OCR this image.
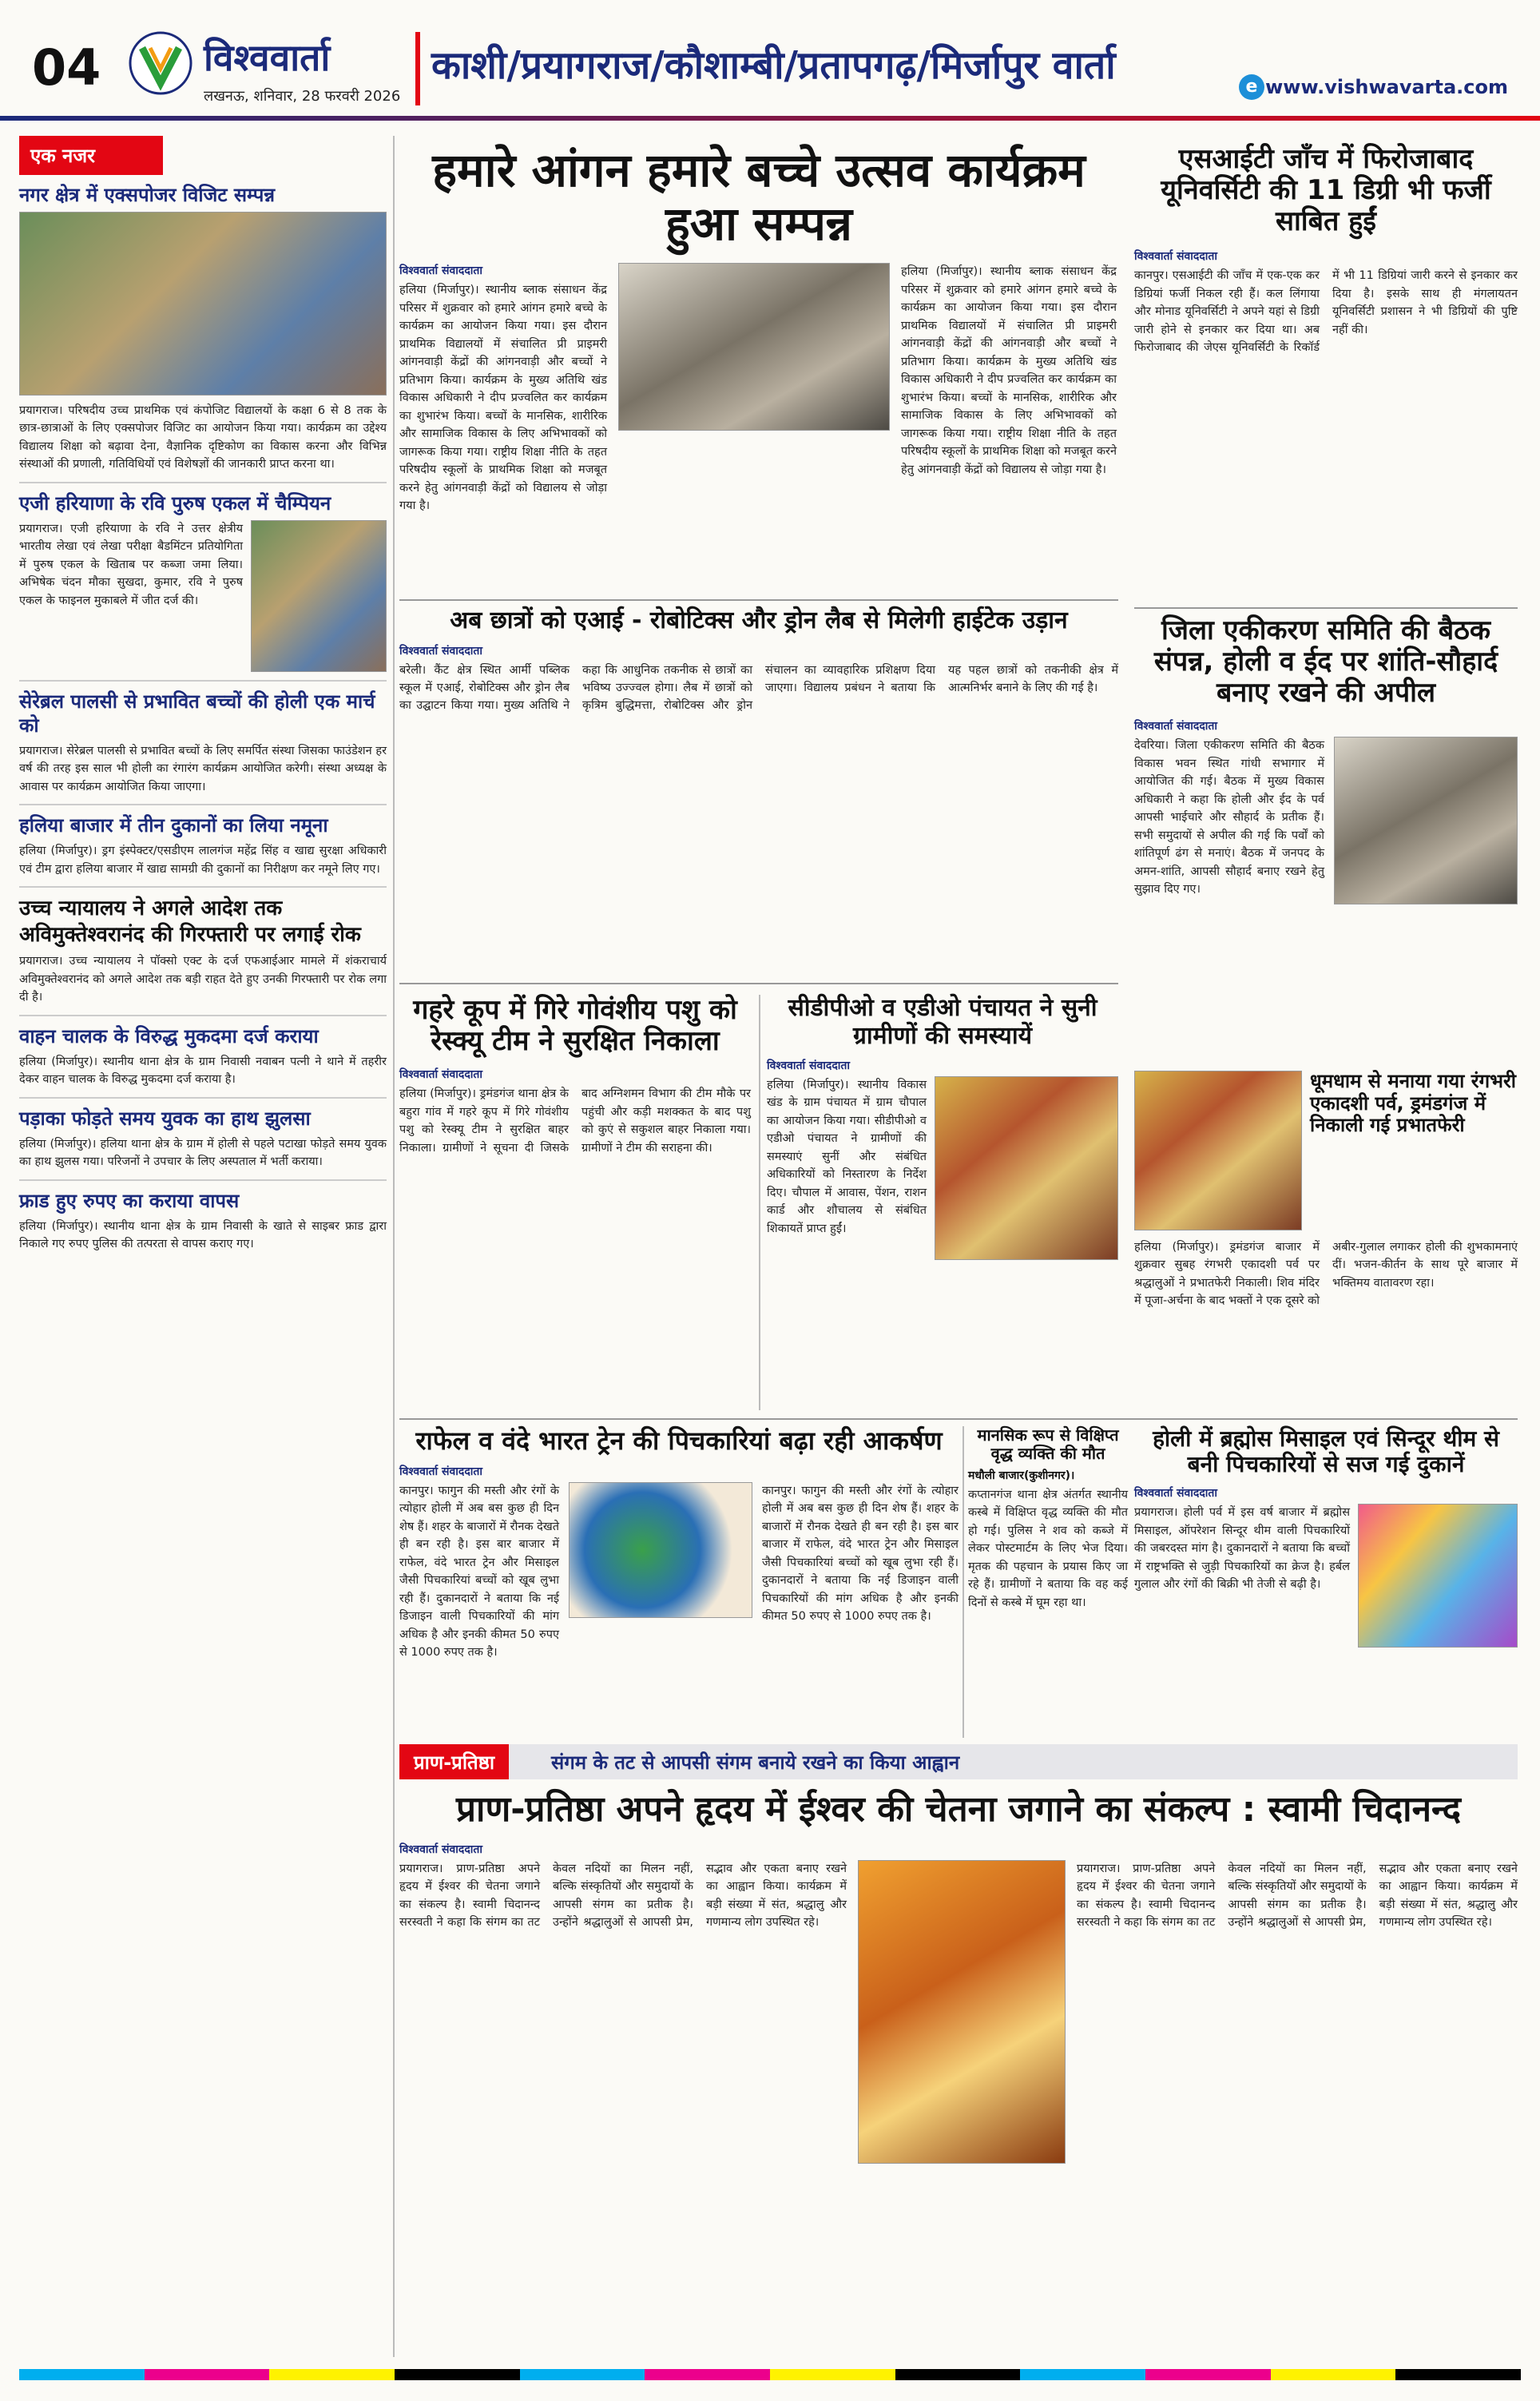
04	विश्ववार्ता
लखनऊ, शनिवार, 28 फरवरी 2026
काशी/प्रयागराज/कौशाम्बी/प्रतापगढ़/मिर्जापुर वार्ता	e www.vishwavarta.com
एक नजर
नगर क्षेत्र में एक्सपोजर विजिट सम्पन्न

प्रयागराज। परिषदीय उच्च प्राथमिक एवं कंपोजिट विद्यालयों के कक्षा 6 से 8 तक के छात्र-छात्राओं के लिए एक्सपोजर विजिट का आयोजन किया गया। कार्यक्रम का उद्देश्य विद्यालय शिक्षा को बढ़ावा देना, वैज्ञानिक दृष्टिकोण का विकास करना और विभिन्न संस्थाओं की प्रणाली, गतिविधियों एवं विशेषज्ञों की जानकारी प्राप्त करना था।

एजी हरियाणा के रवि पुरुष एकल में चैम्पियन

प्रयागराज। एजी हरियाणा के रवि ने उत्तर क्षेत्रीय भारतीय लेखा एवं लेखा परीक्षा बैडमिंटन प्रतियोगिता में पुरुष एकल के खिताब पर कब्जा जमा लिया। अभिषेक चंदन मौका सुखदा, कुमार, रवि ने पुरुष एकल के फाइनल मुकाबले में जीत दर्ज की।

सेरेब्रल पालसी से प्रभावित बच्चों की होली एक मार्च को

प्रयागराज। सेरेब्रल पालसी से प्रभावित बच्चों के लिए समर्पित संस्था जिसका फाउंडेशन हर वर्ष की तरह इस साल भी होली का रंगारंग कार्यक्रम आयोजित करेगी। संस्था अध्यक्ष के आवास पर कार्यक्रम आयोजित किया जाएगा।

हलिया बाजार में तीन दुकानों का लिया नमूना

हलिया (मिर्जापुर)। ड्रग इंस्पेक्टर/एसडीएम लालगंज महेंद्र सिंह व खाद्य सुरक्षा अधिकारी एवं टीम द्वारा हलिया बाजार में खाद्य सामग्री की दुकानों का निरीक्षण कर नमूने लिए गए।

उच्च न्यायालय ने अगले आदेश तक अविमुक्तेश्वरानंद की गिरफ्तारी पर लगाई रोक

प्रयागराज। उच्च न्यायालय ने पॉक्सो एक्ट के दर्ज एफआईआर मामले में शंकराचार्य अविमुक्तेश्वरानंद को अगले आदेश तक बड़ी राहत देते हुए उनकी गिरफ्तारी पर रोक लगा दी है।

वाहन चालक के विरुद्ध मुकदमा दर्ज कराया

हलिया (मिर्जापुर)। स्थानीय थाना क्षेत्र के ग्राम निवासी नवाबन पत्नी ने थाने में तहरीर देकर वाहन चालक के विरुद्ध मुकदमा दर्ज कराया है।

पड़ाका फोड़ते समय युवक का हाथ झुलसा

हलिया (मिर्जापुर)। हलिया थाना क्षेत्र के ग्राम में होली से पहले पटाखा फोड़ते समय युवक का हाथ झुलस गया। परिजनों ने उपचार के लिए अस्पताल में भर्ती कराया।

फ्राड हुए रुपए का कराया वापस

हलिया (मिर्जापुर)। स्थानीय थाना क्षेत्र के ग्राम निवासी के खाते से साइबर फ्राड द्वारा निकाले गए रुपए पुलिस की तत्परता से वापस कराए गए।

हमारे आंगन हमारे बच्चे उत्सव कार्यक्रम हुआ सम्पन्न
विश्ववार्ता संवाददाता

हलिया (मिर्जापुर)। स्थानीय ब्लाक संसाधन केंद्र परिसर में शुक्रवार को हमारे आंगन हमारे बच्चे के कार्यक्रम का आयोजन किया गया। इस दौरान प्राथमिक विद्यालयों में संचालित प्री प्राइमरी आंगनवाड़ी केंद्रों की आंगनवाड़ी और बच्चों ने प्रतिभाग किया। कार्यक्रम के मुख्य अतिथि खंड विकास अधिकारी ने दीप प्रज्वलित कर कार्यक्रम का शुभारंभ किया। बच्चों के मानसिक, शारीरिक और सामाजिक विकास के लिए अभिभावकों को जागरूक किया गया। राष्ट्रीय शिक्षा नीति के तहत परिषदीय स्कूलों के प्राथमिक शिक्षा को मजबूत करने हेतु आंगनवाड़ी केंद्रों को विद्यालय से जोड़ा गया है।

हलिया (मिर्जापुर)। स्थानीय ब्लाक संसाधन केंद्र परिसर में शुक्रवार को हमारे आंगन हमारे बच्चे के कार्यक्रम का आयोजन किया गया। इस दौरान प्राथमिक विद्यालयों में संचालित प्री प्राइमरी आंगनवाड़ी केंद्रों की आंगनवाड़ी और बच्चों ने प्रतिभाग किया। कार्यक्रम के मुख्य अतिथि खंड विकास अधिकारी ने दीप प्रज्वलित कर कार्यक्रम का शुभारंभ किया। बच्चों के मानसिक, शारीरिक और सामाजिक विकास के लिए अभिभावकों को जागरूक किया गया। राष्ट्रीय शिक्षा नीति के तहत परिषदीय स्कूलों के प्राथमिक शिक्षा को मजबूत करने हेतु आंगनवाड़ी केंद्रों को विद्यालय से जोड़ा गया है।

एसआईटी जाँच में फिरोजाबाद यूनिवर्सिटी की 11 डिग्री भी फर्जी साबित हुईं
विश्ववार्ता संवाददाता

कानपुर। एसआईटी की जाँच में एक-एक कर डिग्रियां फर्जी निकल रही हैं। कल लिंगाया और मोनाड यूनिवर्सिटी ने अपने यहां से डिग्री जारी होने से इनकार कर दिया था। अब फिरोजाबाद की जेएस यूनिवर्सिटी के रिकॉर्ड में भी 11 डिग्रियां जारी करने से इनकार कर दिया है। इसके साथ ही मंगलायतन यूनिवर्सिटी प्रशासन ने भी डिग्रियों की पुष्टि नहीं की।

अब छात्रों को एआई - रोबोटिक्स और ड्रोन लैब से मिलेगी हाईटेक उड़ान
विश्ववार्ता संवाददाता

बरेली। कैंट क्षेत्र स्थित आर्मी पब्लिक स्कूल में एआई, रोबोटिक्स और ड्रोन लैब का उद्घाटन किया गया। मुख्य अतिथि ने कहा कि आधुनिक तकनीक से छात्रों का भविष्य उज्ज्वल होगा। लैब में छात्रों को कृत्रिम बुद्धिमत्ता, रोबोटिक्स और ड्रोन संचालन का व्यावहारिक प्रशिक्षण दिया जाएगा। विद्यालय प्रबंधन ने बताया कि यह पहल छात्रों को तकनीकी क्षेत्र में आत्मनिर्भर बनाने के लिए की गई है।

जिला एकीकरण समिति की बैठक संपन्न, होली व ईद पर शांति-सौहार्द बनाए रखने की अपील
विश्ववार्ता संवाददाता

देवरिया। जिला एकीकरण समिति की बैठक विकास भवन स्थित गांधी सभागार में आयोजित की गई। बैठक में मुख्य विकास अधिकारी ने कहा कि होली और ईद के पर्व आपसी भाईचारे और सौहार्द के प्रतीक हैं। सभी समुदायों से अपील की गई कि पर्वों को शांतिपूर्ण ढंग से मनाएं। बैठक में जनपद के अमन-शांति, आपसी सौहार्द बनाए रखने हेतु सुझाव दिए गए।

गहरे कूप में गिरे गोवंशीय पशु को रेस्क्यू टीम ने सुरक्षित निकाला
विश्ववार्ता संवाददाता

हलिया (मिर्जापुर)। ड्रमंडगंज थाना क्षेत्र के बहुरा गांव में गहरे कूप में गिरे गोवंशीय पशु को रेस्क्यू टीम ने सुरक्षित बाहर निकाला। ग्रामीणों ने सूचना दी जिसके बाद अग्निशमन विभाग की टीम मौके पर पहुंची और कड़ी मशक्कत के बाद पशु को कुएं से सकुशल बाहर निकाला गया। ग्रामीणों ने टीम की सराहना की।

सीडीपीओ व एडीओ पंचायत ने सुनी ग्रामीणों की समस्यायें
विश्ववार्ता संवाददाता

हलिया (मिर्जापुर)। स्थानीय विकास खंड के ग्राम पंचायत में ग्राम चौपाल का आयोजन किया गया। सीडीपीओ व एडीओ पंचायत ने ग्रामीणों की समस्याएं सुनीं और संबंधित अधिकारियों को निस्तारण के निर्देश दिए। चौपाल में आवास, पेंशन, राशन कार्ड और शौचालय से संबंधित शिकायतें प्राप्त हुईं।

धूमधाम से मनाया गया रंगभरी एकादशी पर्व, ड्रमंडगंज में निकाली गई प्रभातफेरी

हलिया (मिर्जापुर)। ड्रमंडगंज बाजार में शुक्रवार सुबह रंगभरी एकादशी पर्व पर श्रद्धालुओं ने प्रभातफेरी निकाली। शिव मंदिर में पूजा-अर्चना के बाद भक्तों ने एक दूसरे को अबीर-गुलाल लगाकर होली की शुभकामनाएं दीं। भजन-कीर्तन के साथ पूरे बाजार में भक्तिमय वातावरण रहा।

राफेल व वंदे भारत ट्रेन की पिचकारियां बढ़ा रही आकर्षण
विश्ववार्ता संवाददाता

कानपुर। फागुन की मस्ती और रंगों के त्योहार होली में अब बस कुछ ही दिन शेष हैं। शहर के बाजारों में रौनक देखते ही बन रही है। इस बार बाजार में राफेल, वंदे भारत ट्रेन और मिसाइल जैसी पिचकारियां बच्चों को खूब लुभा रही हैं। दुकानदारों ने बताया कि नई डिजाइन वाली पिचकारियों की मांग अधिक है और इनकी कीमत 50 रुपए से 1000 रुपए तक है।

कानपुर। फागुन की मस्ती और रंगों के त्योहार होली में अब बस कुछ ही दिन शेष हैं। शहर के बाजारों में रौनक देखते ही बन रही है। इस बार बाजार में राफेल, वंदे भारत ट्रेन और मिसाइल जैसी पिचकारियां बच्चों को खूब लुभा रही हैं। दुकानदारों ने बताया कि नई डिजाइन वाली पिचकारियों की मांग अधिक है और इनकी कीमत 50 रुपए से 1000 रुपए तक है।

मानसिक रूप से विक्षिप्त वृद्ध व्यक्ति की मौत
मधौली बाजार(कुशीनगर)।

कप्तानगंज थाना क्षेत्र अंतर्गत स्थानीय कस्बे में विक्षिप्त वृद्ध व्यक्ति की मौत हो गई। पुलिस ने शव को कब्जे में लेकर पोस्टमार्टम के लिए भेज दिया। मृतक की पहचान के प्रयास किए जा रहे हैं। ग्रामीणों ने बताया कि वह कई दिनों से कस्बे में घूम रहा था।

होली में ब्रह्मोस मिसाइल एवं सिन्दूर थीम से बनी पिचकारियों से सज गई दुकानें
विश्ववार्ता संवाददाता

प्रयागराज। होली पर्व में इस वर्ष बाजार में ब्रह्मोस मिसाइल, ऑपरेशन सिन्दूर थीम वाली पिचकारियों की जबरदस्त मांग है। दुकानदारों ने बताया कि बच्चों में राष्ट्रभक्ति से जुड़ी पिचकारियों का क्रेज है। हर्बल गुलाल और रंगों की बिक्री भी तेजी से बढ़ी है।

प्राण-प्रतिष्ठा	संगम के तट से आपसी संगम बनाये रखने का किया आह्वान
प्राण-प्रतिष्ठा अपने हृदय में ईश्वर की चेतना जगाने का संकल्प : स्वामी चिदानन्द
विश्ववार्ता संवाददाता

प्रयागराज। प्राण-प्रतिष्ठा अपने हृदय में ईश्वर की चेतना जगाने का संकल्प है। स्वामी चिदानन्द सरस्वती ने कहा कि संगम का तट केवल नदियों का मिलन नहीं, बल्कि संस्कृतियों और समुदायों के आपसी संगम का प्रतीक है। उन्होंने श्रद्धालुओं से आपसी प्रेम, सद्भाव और एकता बनाए रखने का आह्वान किया। कार्यक्रम में बड़ी संख्या में संत, श्रद्धालु और गणमान्य लोग उपस्थित रहे।

प्रयागराज। प्राण-प्रतिष्ठा अपने हृदय में ईश्वर की चेतना जगाने का संकल्प है। स्वामी चिदानन्द सरस्वती ने कहा कि संगम का तट केवल नदियों का मिलन नहीं, बल्कि संस्कृतियों और समुदायों के आपसी संगम का प्रतीक है। उन्होंने श्रद्धालुओं से आपसी प्रेम, सद्भाव और एकता बनाए रखने का आह्वान किया। कार्यक्रम में बड़ी संख्या में संत, श्रद्धालु और गणमान्य लोग उपस्थित रहे।
